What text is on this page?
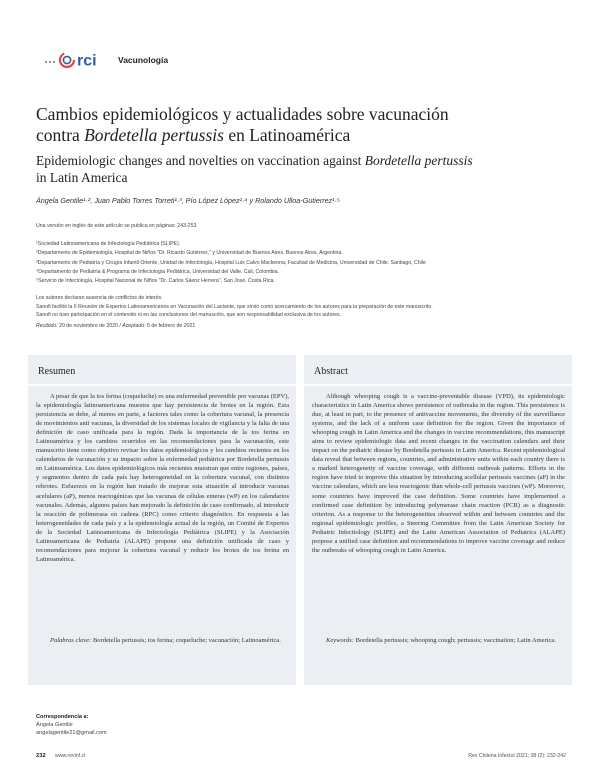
rci	Vacunología
Cambios epidemiológicos y actualidades sobre vacunación
contra Bordetella pertussis en Latinoamérica
Epidemiologic changes and novelties on vaccination against Bordetella pertussis
in Latin America
Ángela Gentile¹·², Juan Pablo Torres Torreti¹·³, Pío López López¹·⁴ y Rolando Ulloa-Gutierrez¹·⁵
Una versión en inglés de este artículo se publica en páginas: 243-253
¹Sociedad Latinoamericana de Infectología Pediátrica (SLIPE).
²Departamento de Epidemiología, Hospital de Niños "Dr. Ricardo Gutiérrez," y Universidad de Buenos Aires. Buenos Aires, Argentina.
³Departamento de Pediatría y Cirugía Infantil Oriente, Unidad de Infectología, Hospital Luis Calvo Mackenna, Facultad de Medicina, Universidad de Chile. Santiago, Chile
⁴Departamento de Pediatría & Programa de Infectología Pediátrica, Universidad del Valle. Cali, Colombia.
⁵Servicio de Infectología, Hospital Nacional de Niños "Dr. Carlos Sáenz Herrera", San José, Costa Rica.
Los autores declaran ausencia de conflictos de interés.
Sanofi facilitó la II Reunión de Expertos Latinoamericanos en Vacunación del Lactante, que sirvió como acercamiento de los autores para la preparación de este manuscrito.
Sanofi no tuvo participación en el contenido ni en las conclusiones del manuscrito, que son responsabilidad exclusiva de los autores.
Recibido: 20 de noviembre de 2020 / Aceptado: 5 de febrero de 2021
Resumen
A pesar de que la tos ferina (coqueluche) es una enfermedad prevenible por vacunas (EPV), la epidemiología latinoamericana muestra que hay persistencia de brotes en la región. Esta persistencia se debe, al menos en parte, a factores tales como la cobertura vacunal, la presencia de movimientos anti vacunas, la diversidad de los sistemas locales de vigilancia y la falta de una definición de caso unificada para la región. Dada la importancia de la tos ferina en Latinoamérica y los cambios ocurridos en las recomendaciones para la vacunación, este manuscrito tiene como objetivo revisar los datos epidemiológicos y los cambios recientes en los calendarios de vacunación y su impacto sobre la enfermedad pediátrica por Bordetella pertussis en Latinoamérica. Los datos epidemiológicos más recientes muestran que entre regiones, países, y segmentos dentro de cada país hay heterogeneidad en la cobertura vacunal, con distintos rebrotes. Esfuerzos en la región han tratado de mejorar esta situación al introducir vacunas acelulares (aP), menos reactogénicas que las vacunas de células enteras (wP) en los calendarios vacunales. Además, algunos países han mejorado la definición de caso confirmado, al introducir la reacción de polimerasa en cadena (RPC) como criterio diagnóstico. En respuesta a las heterogeneidades de cada país y a la epidemiología actual de la región, un Comité de Expertos de la Sociedad Latinoamericana de Infectología Pediátrica (SLIPE) y la Asociación Latinoamericana de Pediatría (ALAPE) propone una definición unificada de caso y recomendaciones para mejorar la cobertura vacunal y reducir los brotes de tos ferina en Latinoamérica.
Palabras clave: Bordetella pertussis; tos ferina; coqueluche; vacunación; Latinoamérica.
Abstract
Although whooping cough is a vaccine-preventable disease (VPD), its epidemiologic characteristics in Latin America shows persistence of outbreaks in the region. This persistence is due, at least in part, to the presence of antivaccine movements, the diversity of the surveillance systems, and the lack of a uniform case definition for the region. Given the importance of whooping cough in Latin America and the changes in vaccine recommendations, this manuscript aims to review epidemiologic data and recent changes in the vaccination calendars and their impact on the pediatric disease by Bordetella pertussis in Latin America. Recent epidemiological data reveal that between regions, countries, and administrative units within each country there is a marked heterogeneity of vaccine coverage, with different outbreak patterns. Efforts in the region have tried to improve this situation by introducing acellular pertussis vaccines (aP) in the vaccine calendars, which are less reactogenic than whole-cell pertussis vaccines (wP). Moreover, some countries have improved the case definition. Some countries have implemented a confirmed case definition by introducing polymerase chain reaction (PCR) as a diagnostic criterion. As a response to the heterogeneities observed within and between countries and the regional epidemiologic profiles, a Steering Committee from the Latin American Society for Pediatric Infectiology (SLIPE) and the Latin American Association of Pediatrics (ALAPE) propose a unified case definition and recommendations to improve vaccine coverage and reduce the outbreaks of whooping cough in Latin America.
Keywords: Bordetella pertussis; whooping cough; pertussis; vaccination; Latin America.
Correspondencia a:
Ángela Gentile
angelagentile21@gmail.com
232 www.revinf.cl	Rev Chilena Infectol 2021; 38 (2): 232-242
